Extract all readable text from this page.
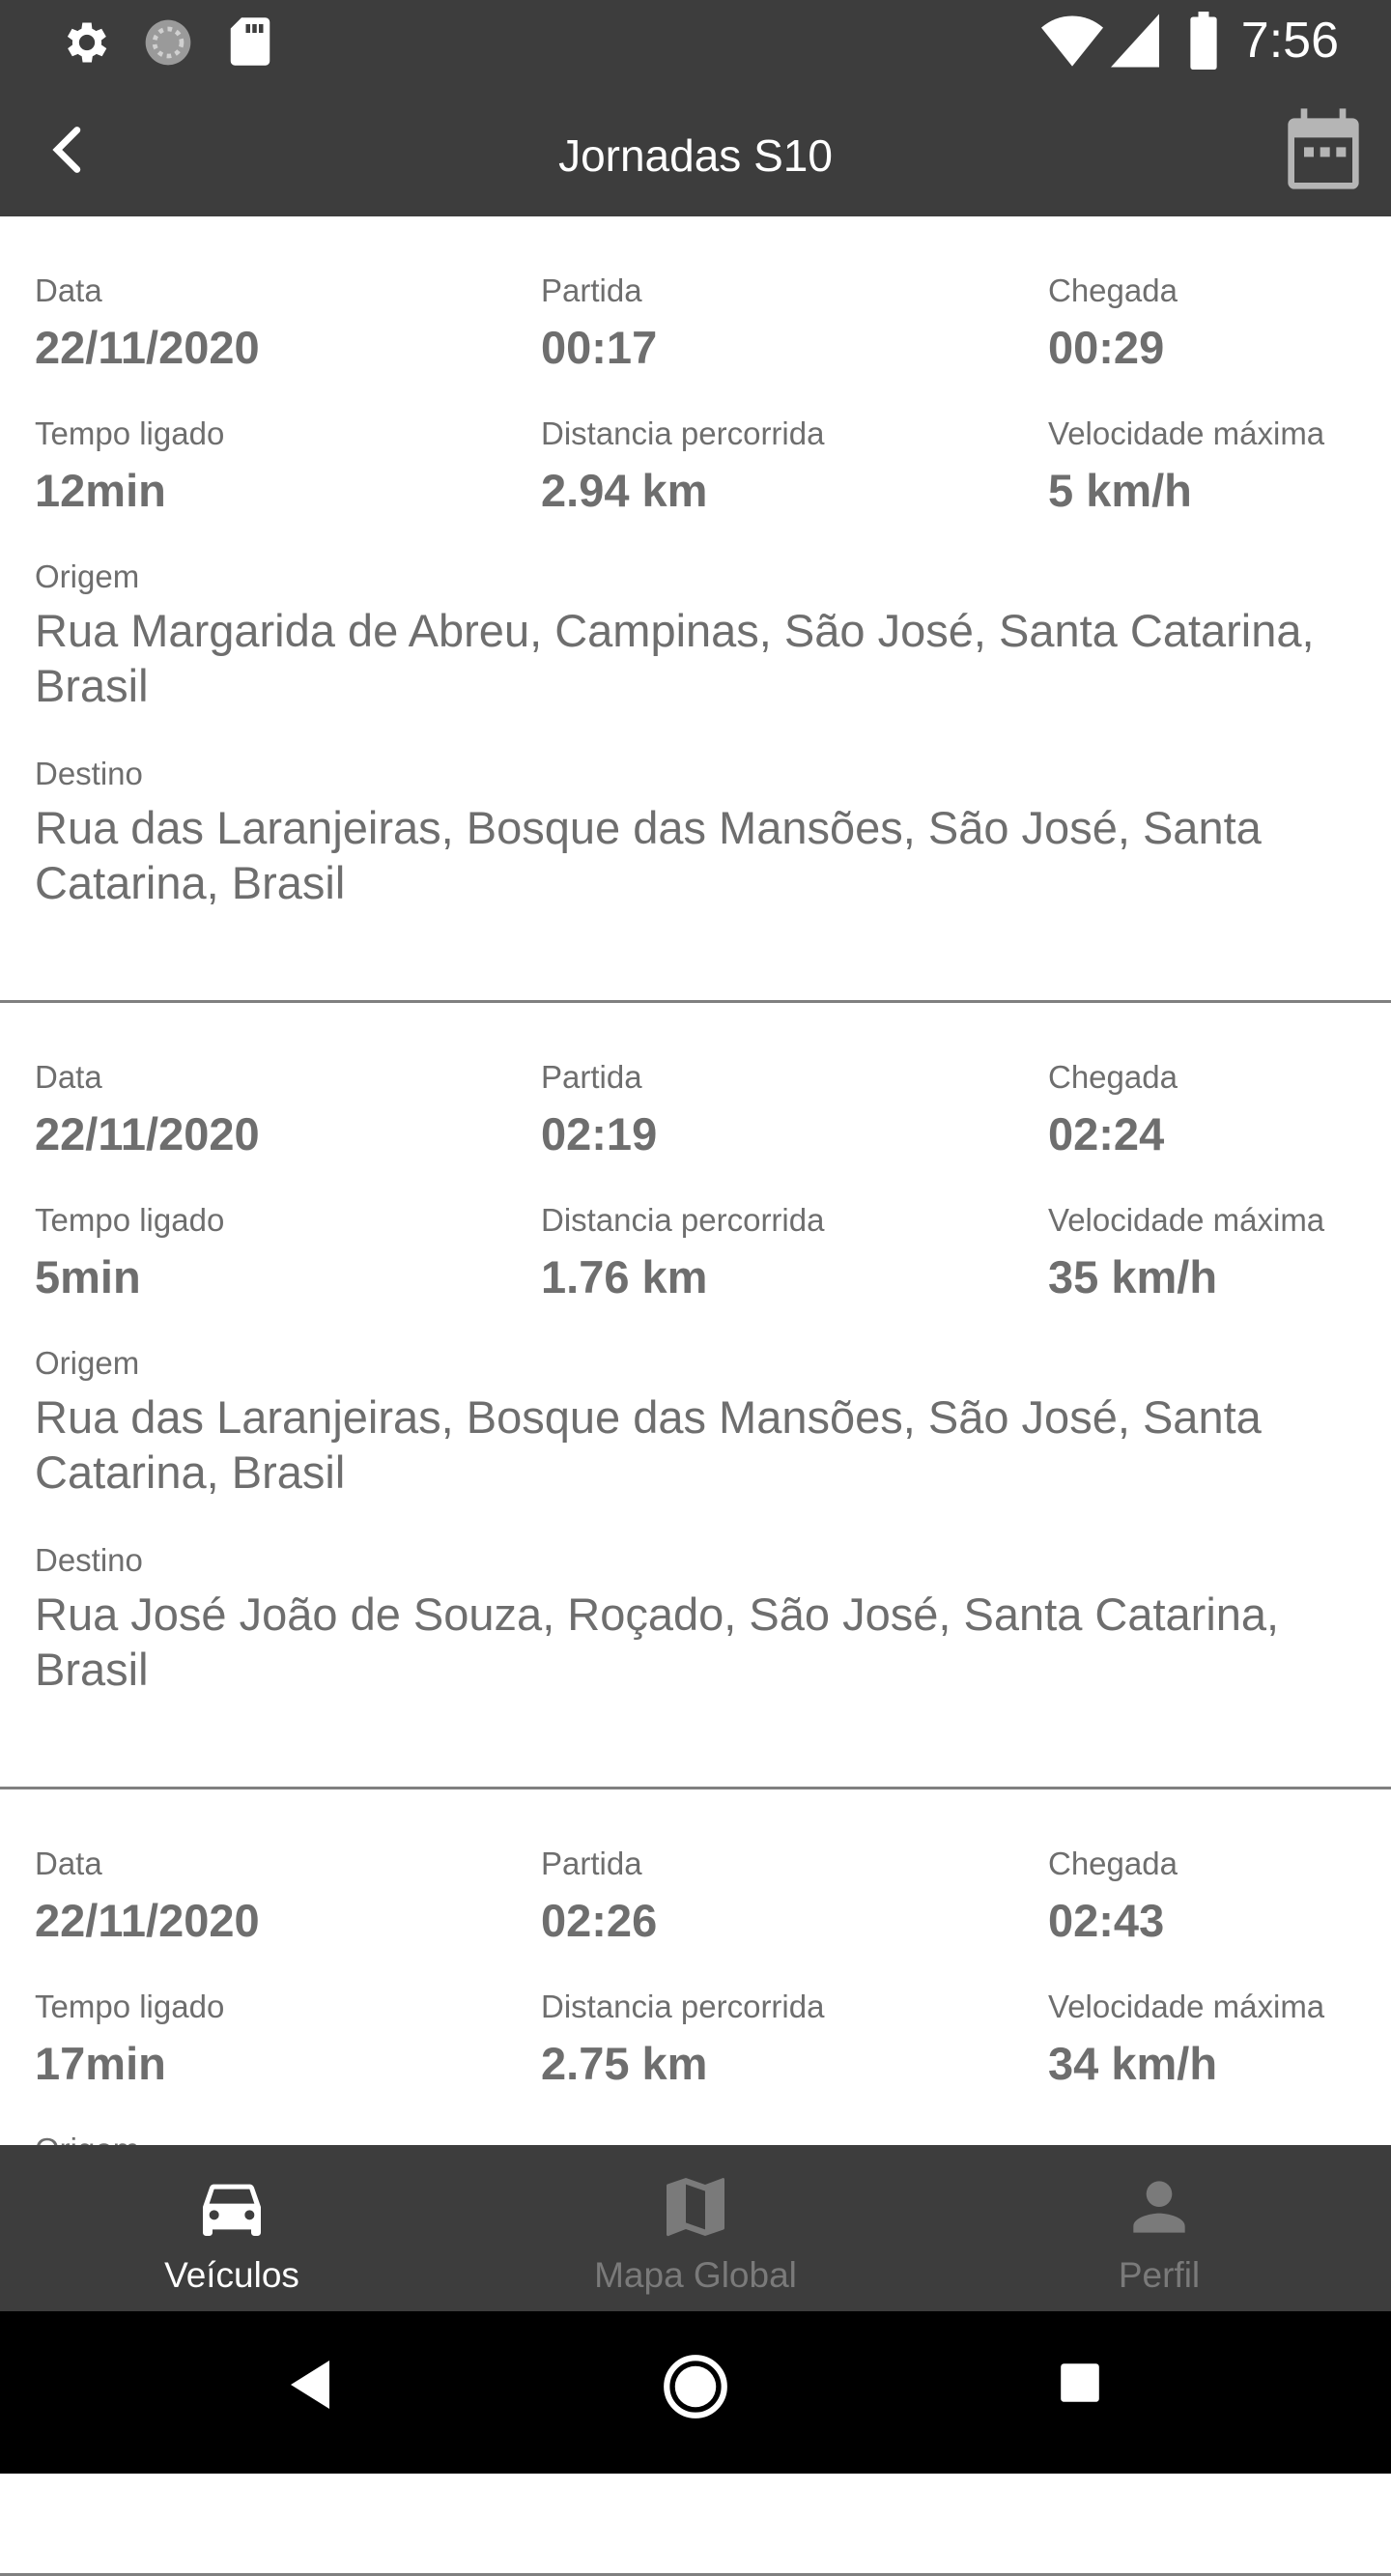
7:56
Jornadas S10
Data
22/11/2020
Partida
00:17
Chegada
00:29
Tempo ligado
12min
Distancia percorrida
2.94 km
Velocidade máxima
5 km/h
Origem
Rua Margarida de Abreu, Campinas, São José, Santa Catarina, Brasil
Destino
Rua das Laranjeiras, Bosque das Mansões, São José, Santa Catarina, Brasil
Data
22/11/2020
Partida
02:19
Chegada
02:24
Tempo ligado
5min
Distancia percorrida
1.76 km
Velocidade máxima
35 km/h
Origem
Rua das Laranjeiras, Bosque das Mansões, São José, Santa Catarina, Brasil
Destino
Rua José João de Souza, Roçado, São José, Santa Catarina, Brasil
Data
22/11/2020
Partida
02:26
Chegada
02:43
Tempo ligado
17min
Distancia percorrida
2.75 km
Velocidade máxima
34 km/h
Veículos	Mapa Global	Perfil
